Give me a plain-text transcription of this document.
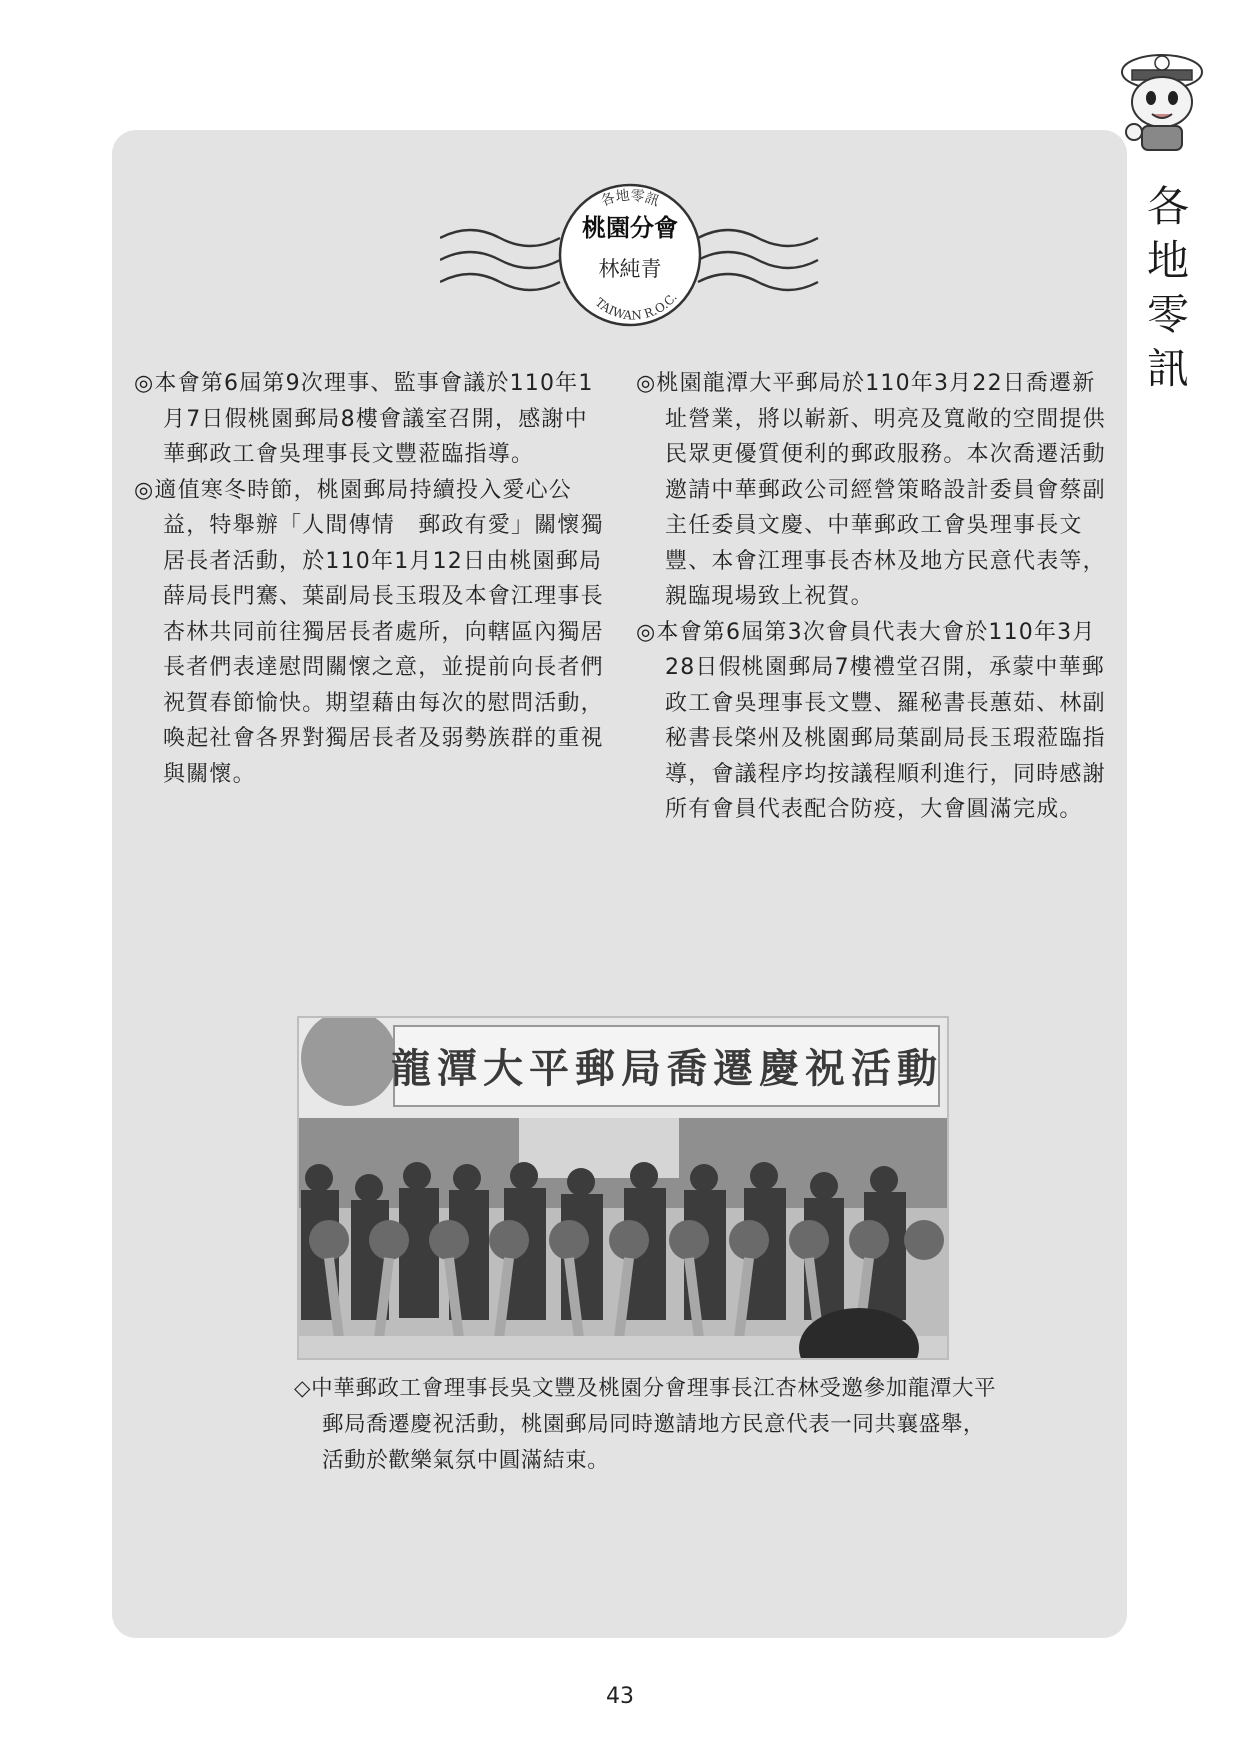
各
地
零
訊
各地零訊
桃園分會
林純青
TAIWAN R.O.C.

◎本會第6屆第9次理事、監事會議於110年1月7日假桃園郵局8樓會議室召開，感謝中華郵政工會吳理事長文豐蒞臨指導。

◎適值寒冬時節，桃園郵局持續投入愛心公益，特舉辦「人間傳情　郵政有愛」關懷獨居長者活動，於110年1月12日由桃園郵局薛局長門騫、葉副局長玉瑕及本會江理事長杏林共同前往獨居長者處所，向轄區內獨居長者們表達慰問關懷之意，並提前向長者們祝賀春節愉快。期望藉由每次的慰問活動，喚起社會各界對獨居長者及弱勢族群的重視與關懷。

◎桃園龍潭大平郵局於110年3月22日喬遷新址營業，將以嶄新、明亮及寬敞的空間提供民眾更優質便利的郵政服務。本次喬遷活動邀請中華郵政公司經營策略設計委員會蔡副主任委員文慶、中華郵政工會吳理事長文豐、本會江理事長杏林及地方民意代表等，親臨現場致上祝賀。

◎本會第6屆第3次會員代表大會於110年3月28日假桃園郵局7樓禮堂召開，承蒙中華郵政工會吳理事長文豐、羅秘書長蕙茹、林副秘書長棨州及桃園郵局葉副局長玉瑕蒞臨指導，會議程序均按議程順利進行，同時感謝所有會員代表配合防疫，大會圓滿完成。

龍潭大平郵局喬遷慶祝活動
◇中華郵政工會理事長吳文豐及桃園分會理事長江杏林受邀參加龍潭大平郵局喬遷慶祝活動，桃園郵局同時邀請地方民意代表一同共襄盛舉，活動於歡樂氣氛中圓滿結束。
43
